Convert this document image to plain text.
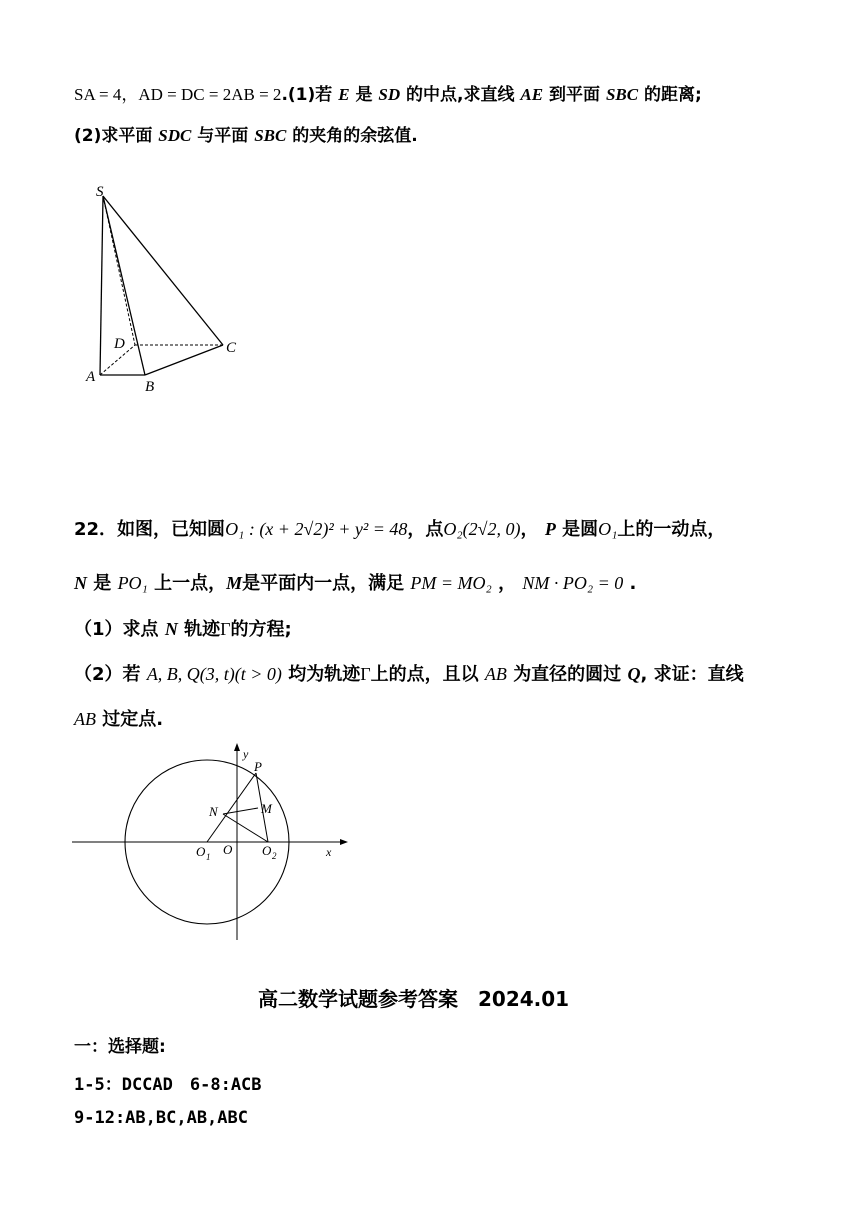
SA = 4，AD = DC = 2AB = 2.(1)若 E 是 SD 的中点,求直线 AE 到平面 SBC 的距离;
(2)求平面 SDC 与平面 SBC 的夹角的余弦值.
S
D	C
A
B
22．如图，已知圆O₁ : (x + 2√2)² + y² = 48，点O₂(2√2, 0)， P 是圆O₁上的一动点，
N 是 PO₁ 上一点，M是平面内一点，满足 PM = MO₂ ， NM · PO₂ = 0 .
（1）求点 N 轨迹Γ的方程;
（2）若 A, B, Q(3, t)(t > 0) 均为轨迹Γ上的点，且以 AB 为直径的圆过 Q, 求证：直线
AB 过定点.
y
x
P
N	M
O 1 O O 2
高二数学试题参考答案　2024.01
一：选择题:
1-5：DCCAD　6-8:ACB
9-12:AB,BC,AB,ABC
